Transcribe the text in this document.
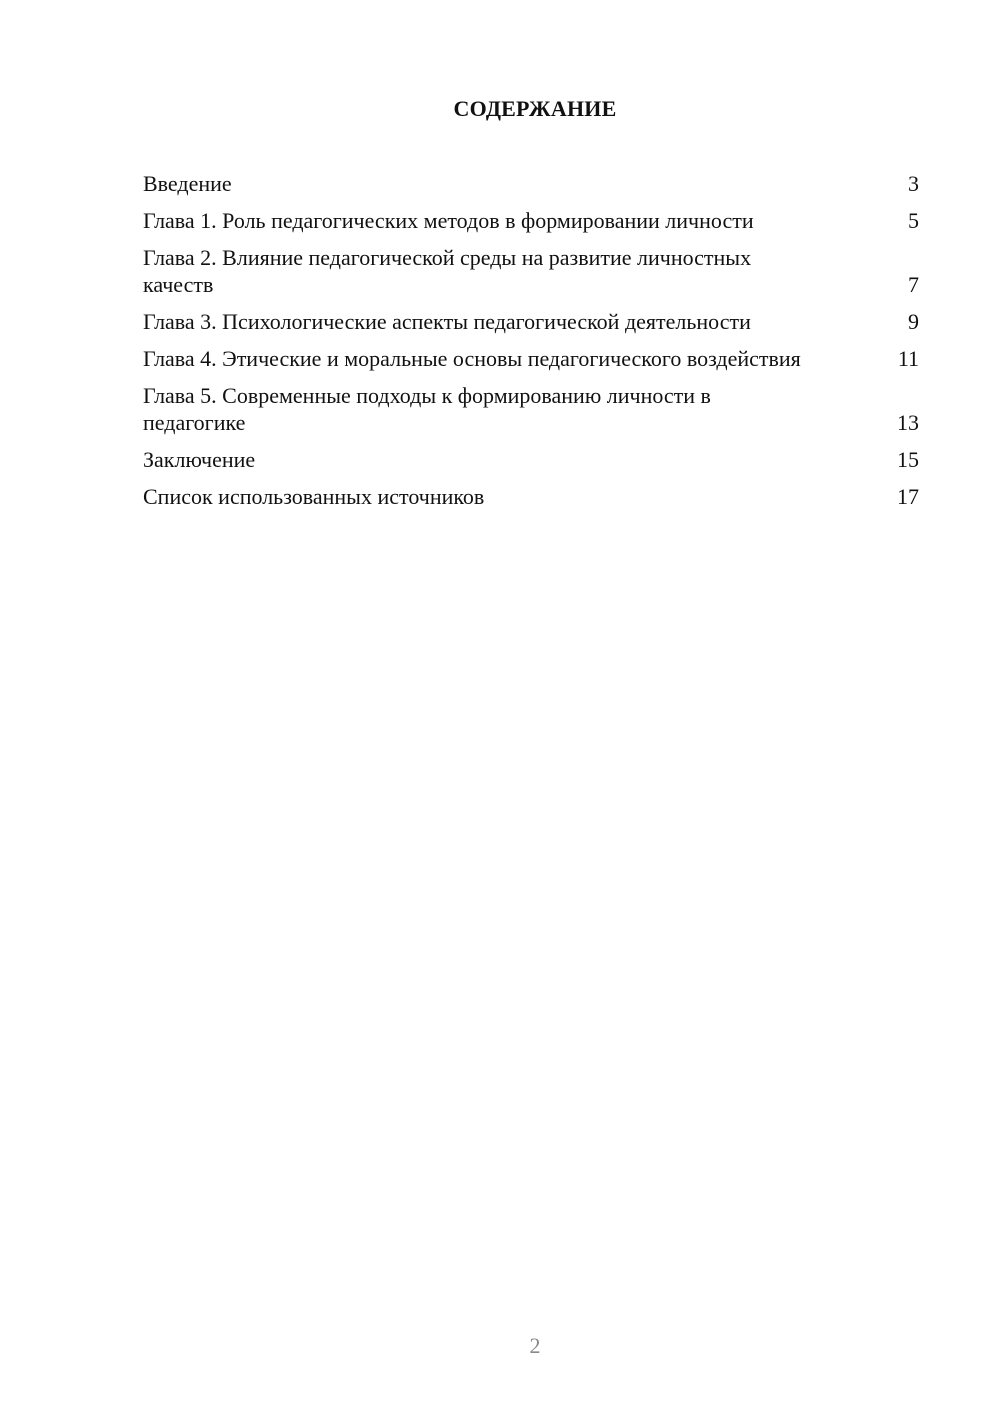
СОДЕРЖАНИЕ
Введение	3
Глава 1. Роль педагогических методов в формировании личности	5
Глава 2. Влияние педагогической среды на развитие личностных качеств	7
Глава 3. Психологические аспекты педагогической деятельности	9
Глава 4. Этические и моральные основы педагогического воздействия	11
Глава 5. Современные подходы к формированию личности в педагогике	13
Заключение	15
Список использованных источников	17
2
